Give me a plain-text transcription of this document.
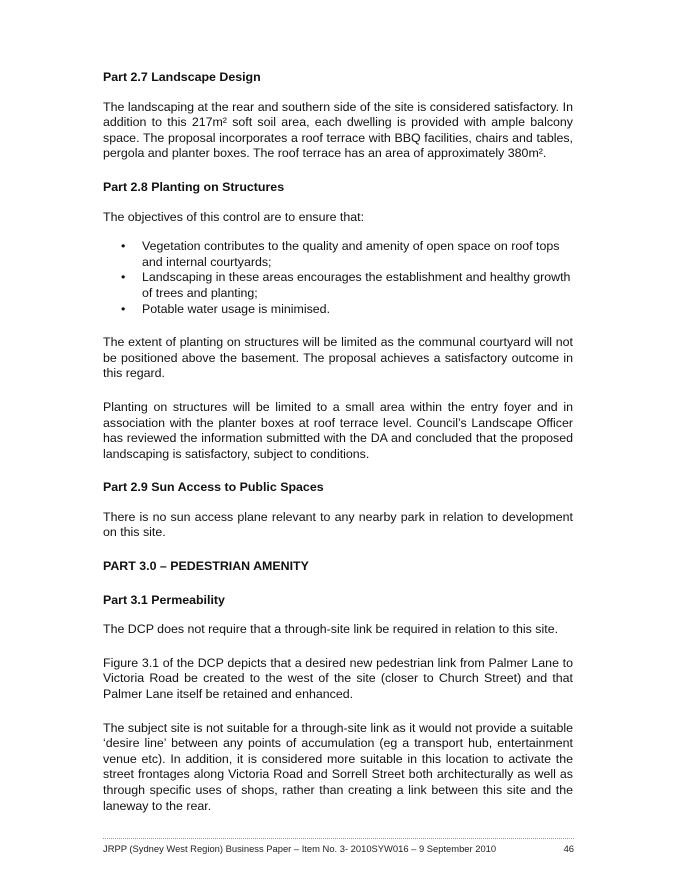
Part 2.7 Landscape Design

The landscaping at the rear and southern side of the site is considered satisfactory. In addition to this 217m² soft soil area, each dwelling is provided with ample balcony space. The proposal incorporates a roof terrace with BBQ facilities, chairs and tables, pergola and planter boxes. The roof terrace has an area of approximately 380m².

Part 2.8 Planting on Structures

The objectives of this control are to ensure that:

• Vegetation contributes to the quality and amenity of open space on roof tops and internal courtyards;
• Landscaping in these areas encourages the establishment and healthy growth of trees and planting;
• Potable water usage is minimised.

The extent of planting on structures will be limited as the communal courtyard will not be positioned above the basement. The proposal achieves a satisfactory outcome in this regard.

Planting on structures will be limited to a small area within the entry foyer and in association with the planter boxes at roof terrace level. Council’s Landscape Officer has reviewed the information submitted with the DA and concluded that the proposed landscaping is satisfactory, subject to conditions.

Part 2.9 Sun Access to Public Spaces

There is no sun access plane relevant to any nearby park in relation to development on this site.

PART 3.0 – PEDESTRIAN AMENITY
Part 3.1 Permeability

The DCP does not require that a through-site link be required in relation to this site.

Figure 3.1 of the DCP depicts that a desired new pedestrian link from Palmer Lane to Victoria Road be created to the west of the site (closer to Church Street) and that Palmer Lane itself be retained and enhanced.

The subject site is not suitable for a through-site link as it would not provide a suitable ‘desire line’ between any points of accumulation (eg a transport hub, entertainment venue etc). In addition, it is considered more suitable in this location to activate the street frontages along Victoria Road and Sorrell Street both architecturally as well as through specific uses of shops, rather than creating a link between this site and the laneway to the rear.

JRPP (Sydney West Region) Business Paper – Item No. 3- 2010SYW016 – 9 September 2010	46
